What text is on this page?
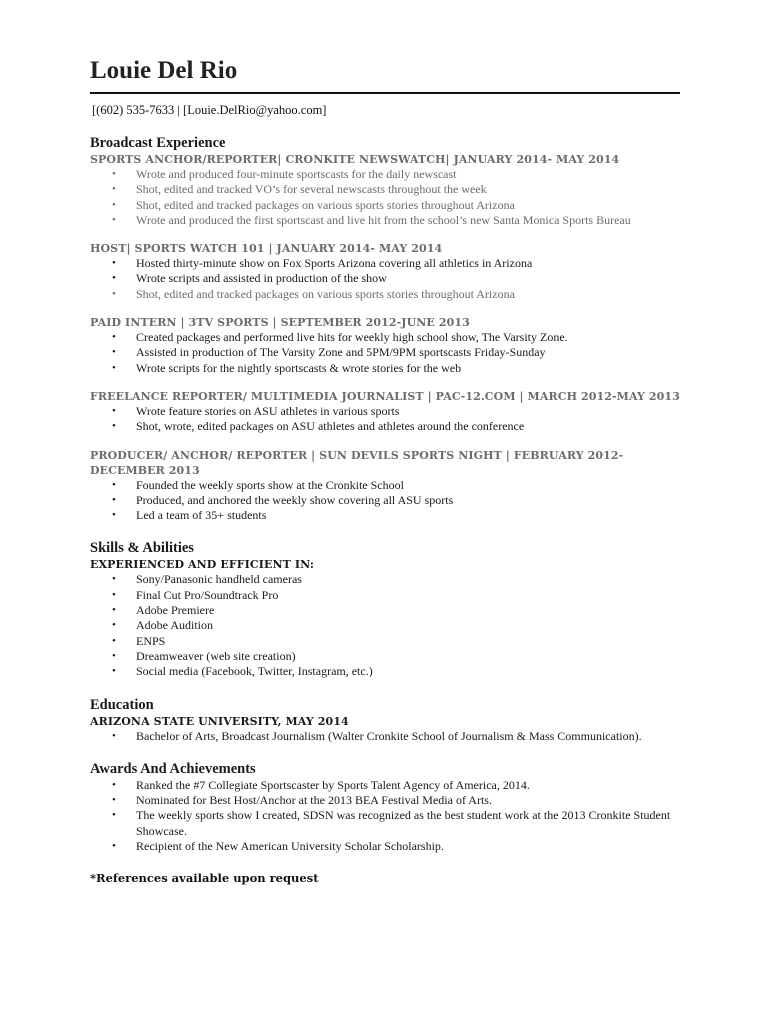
Louie Del Rio
[(602) 535-7633 | [Louie.DelRio@yahoo.com]
Broadcast Experience

SPORTS ANCHOR/REPORTER| CRONKITE NEWSWATCH| JANUARY 2014- MAY 2014

• Wrote and produced four-minute sportscasts for the daily newscast
• Shot, edited and tracked VO’s for several newscasts throughout the week
• Shot, edited and tracked packages on various sports stories throughout Arizona
• Wrote and produced the first sportscast and live hit from the school’s new Santa Monica Sports Bureau

HOST| SPORTS WATCH 101 | JANUARY 2014- MAY 2014

• Hosted thirty-minute show on Fox Sports Arizona covering all athletics in Arizona
• Wrote scripts and assisted in production of the show
• Shot, edited and tracked packages on various sports stories throughout Arizona

PAID INTERN | 3TV SPORTS | SEPTEMBER 2012-JUNE 2013

• Created packages and performed live hits for weekly high school show, The Varsity Zone.
• Assisted in production of The Varsity Zone and 5PM/9PM sportscasts Friday-Sunday
• Wrote scripts for the nightly sportscasts & wrote stories for the web

FREELANCE REPORTER/ MULTIMEDIA JOURNALIST | PAC-12.COM | MARCH 2012-MAY 2013

• Wrote feature stories on ASU athletes in various sports
• Shot, wrote, edited packages on ASU athletes and athletes around the conference

PRODUCER/ ANCHOR/ REPORTER | SUN DEVILS SPORTS NIGHT | FEBRUARY 2012- DECEMBER 2013

• Founded the weekly sports show at the Cronkite School
• Produced, and anchored the weekly show covering all ASU sports
• Led a team of 35+ students
Skills & Abilities

EXPERIENCED AND EFFICIENT IN:

• Sony/Panasonic handheld cameras
• Final Cut Pro/Soundtrack Pro
• Adobe Premiere
• Adobe Audition
• ENPS
• Dreamweaver (web site creation)
• Social media (Facebook, Twitter, Instagram, etc.)
Education

ARIZONA STATE UNIVERSITY, MAY 2014

• Bachelor of Arts, Broadcast Journalism (Walter Cronkite School of Journalism & Mass Communication).
Awards And Achievements
• Ranked the #7 Collegiate Sportscaster by Sports Talent Agency of America, 2014.
• Nominated for Best Host/Anchor at the 2013 BEA Festival Media of Arts.
• The weekly sports show I created, SDSN was recognized as the best student work at the 2013 Cronkite Student Showcase.
• Recipient of the New American University Scholar Scholarship.

*References available upon request
